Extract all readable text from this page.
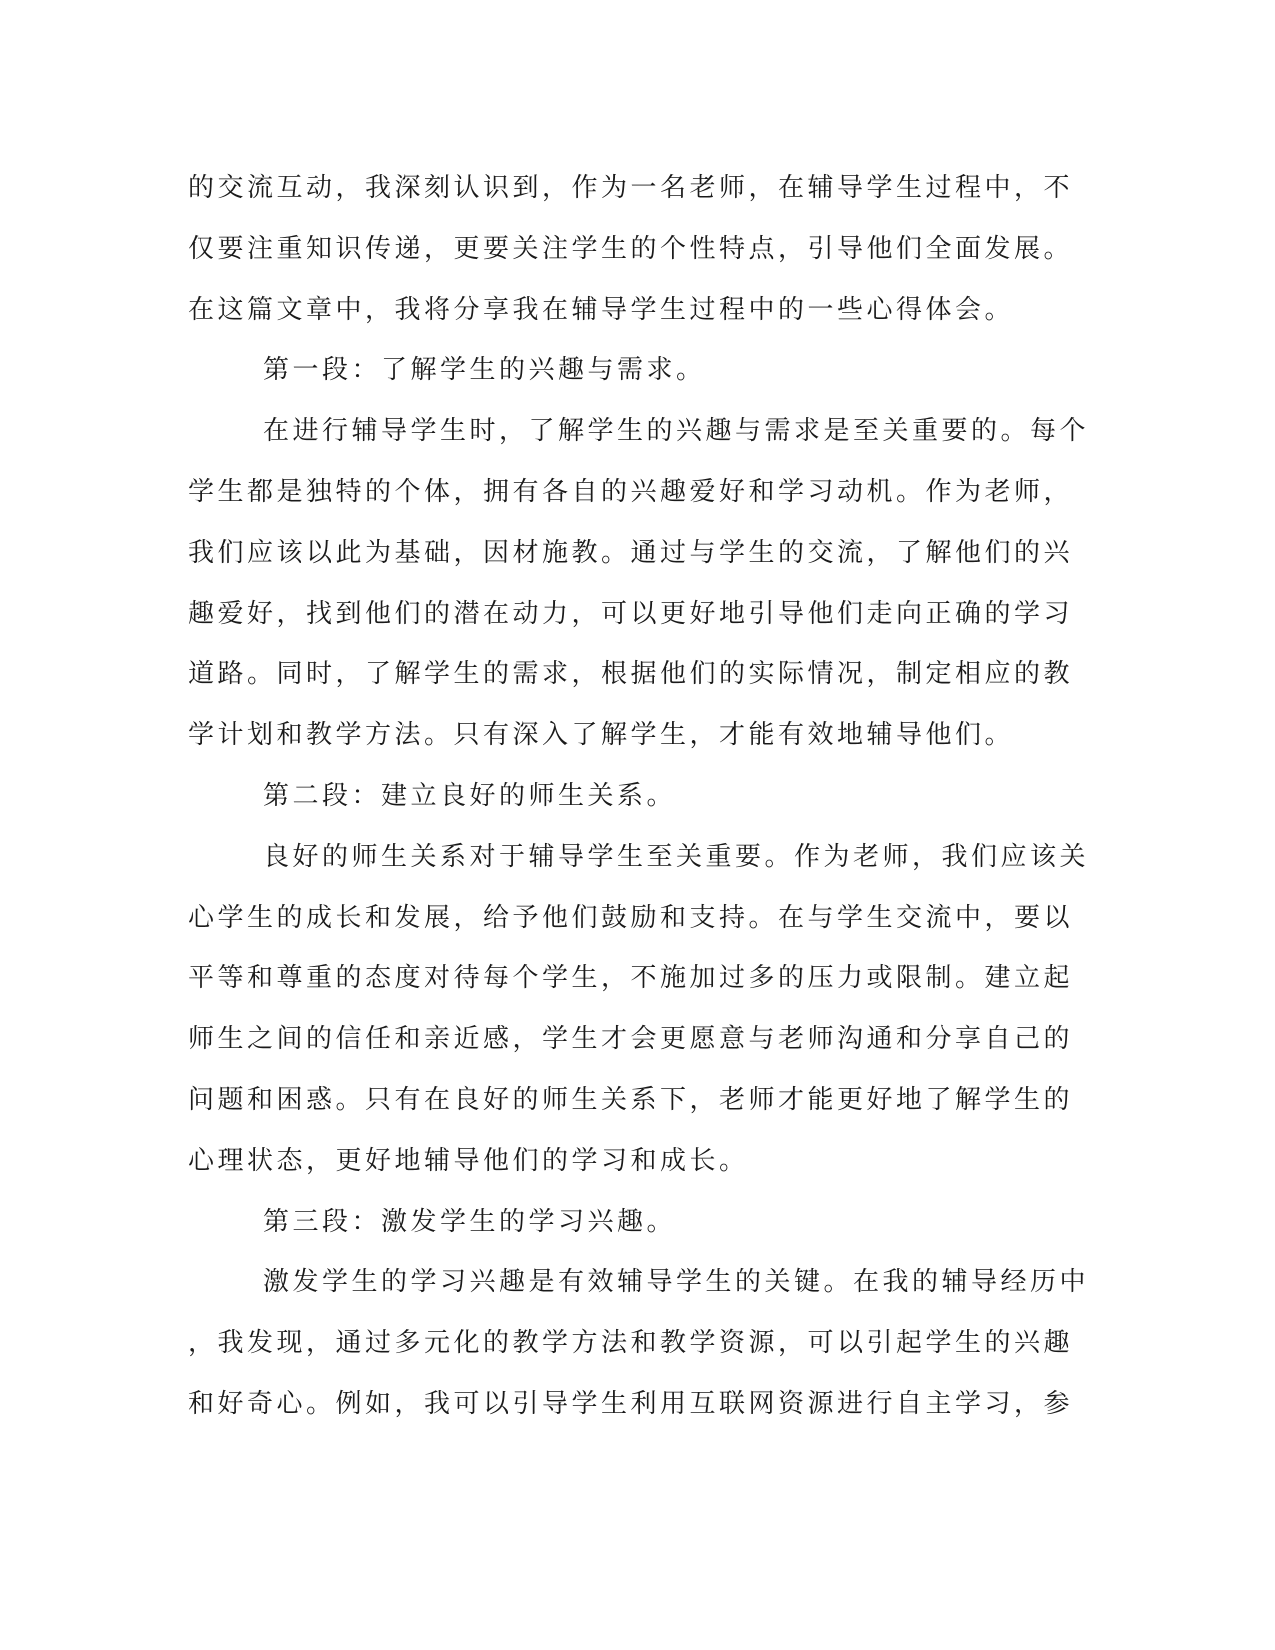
的交流互动，我深刻认识到，作为一名老师，在辅导学生过程中，不
仅要注重知识传递，更要关注学生的个性特点，引导他们全面发展。
在这篇文章中，我将分享我在辅导学生过程中的一些心得体会。
第一段：了解学生的兴趣与需求。
在进行辅导学生时，了解学生的兴趣与需求是至关重要的。每个
学生都是独特的个体，拥有各自的兴趣爱好和学习动机。作为老师，
我们应该以此为基础，因材施教。通过与学生的交流，了解他们的兴
趣爱好，找到他们的潜在动力，可以更好地引导他们走向正确的学习
道路。同时，了解学生的需求，根据他们的实际情况，制定相应的教
学计划和教学方法。只有深入了解学生，才能有效地辅导他们。
第二段：建立良好的师生关系。
良好的师生关系对于辅导学生至关重要。作为老师，我们应该关
心学生的成长和发展，给予他们鼓励和支持。在与学生交流中，要以
平等和尊重的态度对待每个学生，不施加过多的压力或限制。建立起
师生之间的信任和亲近感，学生才会更愿意与老师沟通和分享自己的
问题和困惑。只有在良好的师生关系下，老师才能更好地了解学生的
心理状态，更好地辅导他们的学习和成长。
第三段：激发学生的学习兴趣。
激发学生的学习兴趣是有效辅导学生的关键。在我的辅导经历中
，我发现，通过多元化的教学方法和教学资源，可以引起学生的兴趣
和好奇心。例如，我可以引导学生利用互联网资源进行自主学习，参
